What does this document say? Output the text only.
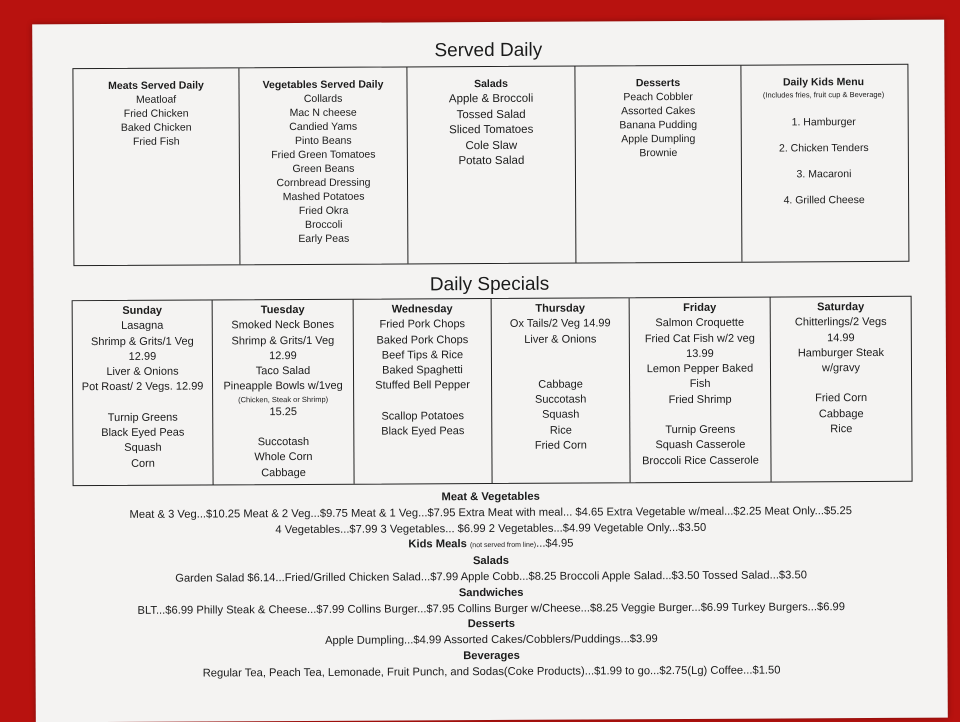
Served Daily
Meats Served Daily
Meatloaf
Fried Chicken
Baked Chicken
Fried Fish
Vegetables Served Daily
Collards
Mac N cheese
Candied Yams
Pinto Beans
Fried Green Tomatoes
Green Beans
Cornbread Dressing
Mashed Potatoes
Fried Okra
Broccoli
Early Peas
Salads
Apple & Broccoli
Tossed Salad
Sliced Tomatoes
Cole Slaw
Potato Salad
Desserts
Peach Cobbler
Assorted Cakes
Banana Pudding
Apple Dumpling
Brownie
Daily Kids Menu
(Includes fries, fruit cup & Beverage)
1. Hamburger
2. Chicken Tenders
3. Macaroni
4. Grilled Cheese
Daily Specials
Sunday
Lasagna
Shrimp & Grits/1 Veg
12.99
Liver & Onions
Pot Roast/ 2 Vegs. 12.99
Turnip Greens
Black Eyed Peas
Squash
Corn
Tuesday
Smoked Neck Bones
Shrimp & Grits/1 Veg
12.99
Taco Salad
Pineapple Bowls w/1veg
(Chicken, Steak or Shrimp)
15.25
Succotash
Whole Corn
Cabbage
Wednesday
Fried Pork Chops
Baked Pork Chops
Beef Tips & Rice
Baked Spaghetti
Stuffed Bell Pepper
Scallop Potatoes
Black Eyed Peas
Thursday
Ox Tails/2 Veg 14.99
Liver & Onions
Cabbage
Succotash
Squash
Rice
Fried Corn
Friday
Salmon Croquette
Fried Cat Fish w/2 veg
13.99
Lemon Pepper Baked
Fish
Fried Shrimp
Turnip Greens
Squash Casserole
Broccoli Rice Casserole
Saturday
Chitterlings/2 Vegs
14.99
Hamburger Steak
w/gravy
Fried Corn
Cabbage
Rice
Meat & Vegetables
Meat & 3 Veg...$10.25 Meat & 2 Veg...$9.75 Meat & 1 Veg...$7.95 Extra Meat with meal... $4.65 Extra Vegetable w/meal...$2.25 Meat Only...$5.25
4 Vegetables...$7.99 3 Vegetables... $6.99 2 Vegetables...$4.99 Vegetable Only...$3.50
Kids Meals (not served from line)...$4.95
Salads
Garden Salad $6.14...Fried/Grilled Chicken Salad...$7.99 Apple Cobb...$8.25 Broccoli Apple Salad...$3.50 Tossed Salad...$3.50
Sandwiches
BLT...$6.99 Philly Steak & Cheese...$7.99 Collins Burger...$7.95 Collins Burger w/Cheese...$8.25 Veggie Burger...$6.99 Turkey Burgers...$6.99
Desserts
Apple Dumpling...$4.99 Assorted Cakes/Cobblers/Puddings...$3.99
Beverages
Regular Tea, Peach Tea, Lemonade, Fruit Punch, and Sodas(Coke Products)...$1.99 to go...$2.75(Lg) Coffee...$1.50
